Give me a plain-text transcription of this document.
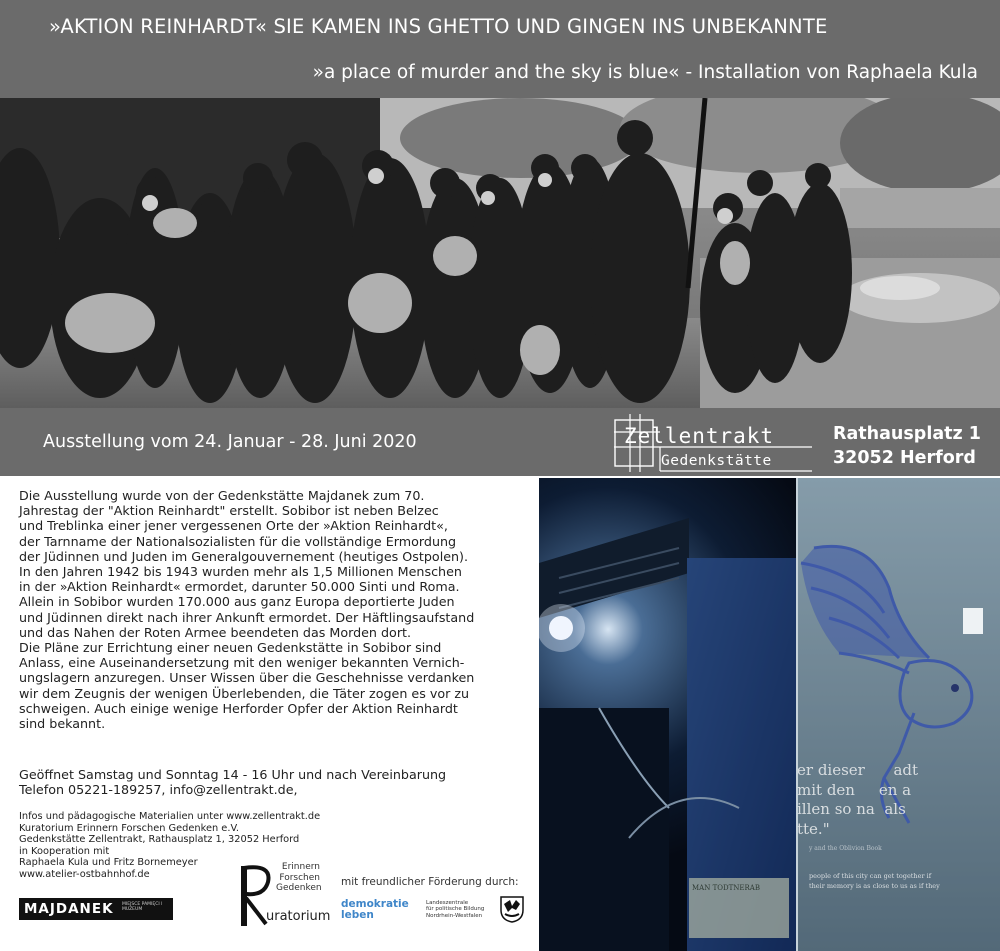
»AKTION REINHARDT« SIE KAMEN INS GHETTO UND GINGEN INS UNBEKANNTE
»a place of murder and the sky is blue« - Installation von Raphaela Kula
Ausstellung vom 24. Januar - 28. Juni 2020	Zellentrakt
Gedenkstätte
Rathausplatz 1
32052 Herford
Die Ausstellung wurde von der Gedenkstätte Majdanek zum 70.
Jahrestag der "Aktion Reinhardt" erstellt. Sobibor ist neben Belzec
und Treblinka einer jener vergessenen Orte der »Aktion Reinhardt«,
der Tarnname der Nationalsozialisten für die vollständige Ermordung
der Jüdinnen und Juden im Generalgouvernement (heutiges Ostpolen).
In den Jahren 1942 bis 1943 wurden mehr als 1,5 Millionen Menschen
in der »Aktion Reinhardt« ermordet, darunter 50.000 Sinti und Roma.
Allein in Sobibor wurden 170.000 aus ganz Europa deportierte Juden
und Jüdinnen direkt nach ihrer Ankunft ermordet. Der Häftlingsaufstand
und das Nahen der Roten Armee beendeten das Morden dort.
Die Pläne zur Errichtung einer neuen Gedenkstätte in Sobibor sind
Anlass, eine Auseinandersetzung mit den weniger bekannten Vernich-
ungslagern anzuregen. Unser Wissen über die Geschehnisse verdanken
wir dem Zeugnis der wenigen Überlebenden, die Täter zogen es vor zu
schweigen. Auch einige wenige Herforder Opfer der Aktion Reinhardt
sind bekannt.
Geöffnet Samstag und Sonntag 14 - 16 Uhr und nach Vereinbarung
Telefon 05221-189257, info@zellentrakt.de,
Infos und pädagogische Materialien unter www.zellentrakt.de
Kuratorium Erinnern Forschen Gedenken e.V.
Gedenkstätte Zellentrakt, Rathausplatz 1, 32052 Herford
in Kooperation mit
Raphaela Kula und Fritz Bornemeyer
www.atelier-ostbahnhof.de
MAJDANEK MIEJSCE PAMIĘCI I MUZEUM
Erinnern
Forschen
Gedenken
uratorium
mit freundlicher Förderung durch:
demokratie
leben
Landeszentrale
für politische Bildung
Nordrhein-Westfalen
er dieser adt
mit den en a
illen so na als
tte."
y and the Oblivion Book
people of this city can get together if
their memory is as close to us as if they
MAN TODTNERAB
